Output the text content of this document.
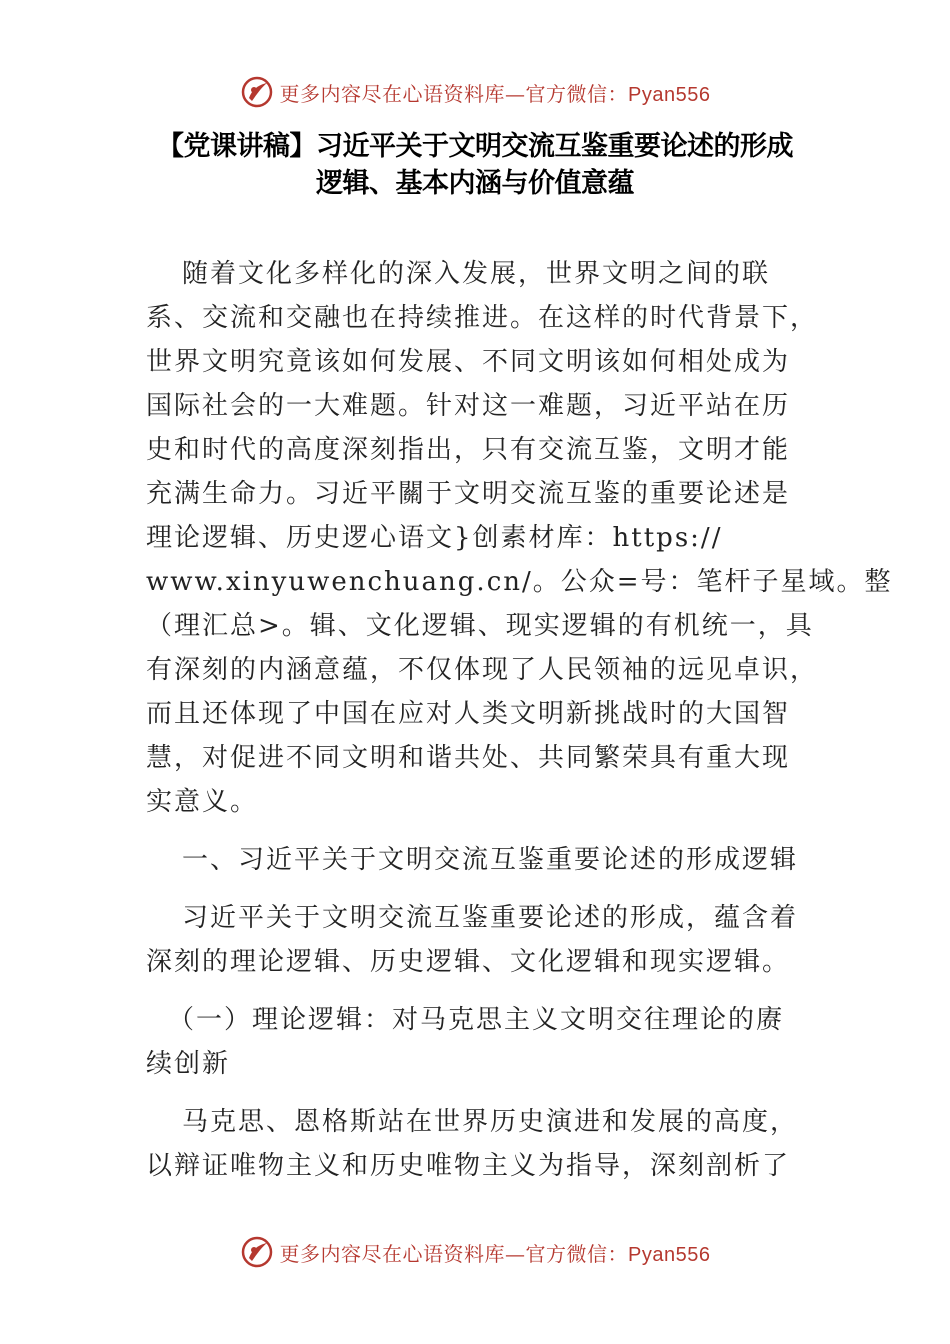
更多内容尽在心语资料库—官方微信：Pyan556
【党课讲稿】习近平关于文明交流互鉴重要论述的形成
逻辑、基本内涵与价值意蕴

随着文化多样化的深入发展，世界文明之间的联
系、交流和交融也在持续推进。在这样的时代背景下，
世界文明究竟该如何发展、不同文明该如何相处成为
国际社会的一大难题。针对这一难题，习近平站在历
史和时代的高度深刻指出，只有交流互鉴，文明才能
充满生命力。习近平關于文明交流互鉴的重要论述是
理论逻辑、历史逻心语文}创素材库：https://
www.xinyuwenchuang.cn/。公众=号：笔杆子星域。整
（理汇总>。辑、文化逻辑、现实逻辑的有机统一，具
有深刻的内涵意蕴，不仅体现了人民领袖的远见卓识，
而且还体现了中国在应对人类文明新挑战时的大国智
慧，对促进不同文明和谐共处、共同繁荣具有重大现
实意义。

一、习近平关于文明交流互鉴重要论述的形成逻辑

习近平关于文明交流互鉴重要论述的形成，蕴含着
深刻的理论逻辑、历史逻辑、文化逻辑和现实逻辑。

（一）理论逻辑：对马克思主义文明交往理论的赓
续创新

马克思、恩格斯站在世界历史演进和发展的高度，
以辩证唯物主义和历史唯物主义为指导，深刻剖析了

更多内容尽在心语资料库—官方微信：Pyan556
